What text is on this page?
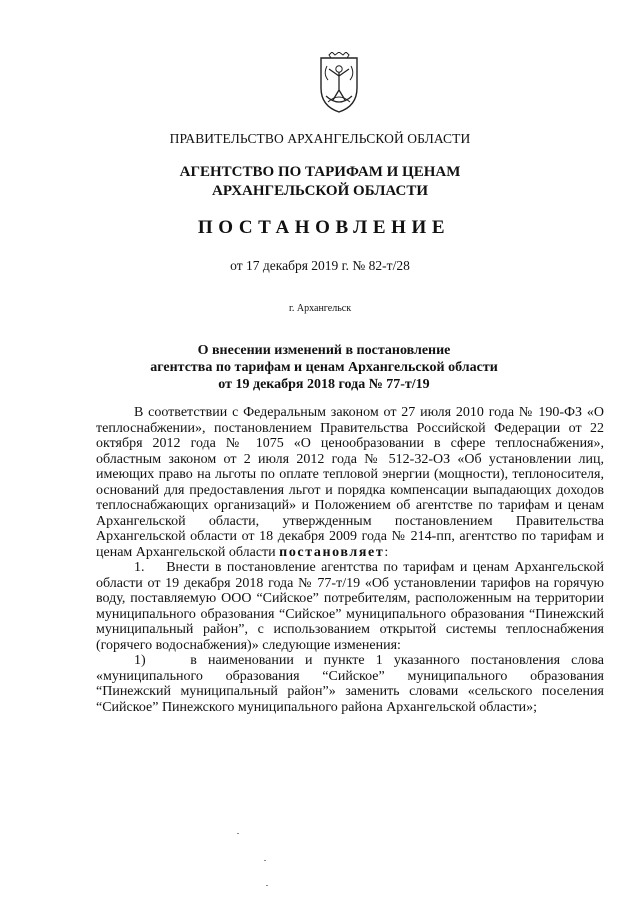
ПРАВИТЕЛЬСТВО АРХАНГЕЛЬСКОЙ ОБЛАСТИ
АГЕНТСТВО ПО ТАРИФАМ И ЦЕНАМ
АРХАНГЕЛЬСКОЙ ОБЛАСТИ
ПОСТАНОВЛЕНИЕ
от 17 декабря 2019 г. № 82-т/28
г. Архангельск
О внесении изменений в постановление
агентства по тарифам и ценам Архангельской области
от 19 декабря 2018 года № 77-т/19

В соответствии с Федеральным законом от 27 июля 2010 года № 190-ФЗ «О теплоснабжении», постановлением Правительства Российской Федерации от 22 октября 2012 года № 1075 «О ценообразовании в сфере теплоснабжения», областным законом от 2 июля 2012 года № 512-32-ОЗ «Об установлении лиц, имеющих право на льготы по оплате тепловой энергии (мощности), теплоносителя, оснований для предоставления льгот и порядка компенсации выпадающих доходов теплоснабжающих организаций» и Положением об агентстве по тарифам и ценам Архангельской области, утвержденным постановлением Правительства Архангельской области от 18 декабря 2009 года № 214-пп, агентство по тарифам и ценам Архангельской области постановляет:

1.    Внести в постановление агентства по тарифам и ценам Архангельской области от 19 декабря 2018 года № 77-т/19 «Об установлении тарифов на горячую воду, поставляемую ООО “Сийское” потребителям, расположенным на территории муниципального образования “Сийское” муниципального образования “Пинежский муниципальный район”, с использованием открытой системы теплоснабжения (горячего водоснабжения)» следующие изменения:

1)    в наименовании и пункте 1 указанного постановления слова «муниципального образования “Сийское” муниципального образования “Пинежский муниципальный район”» заменить словами «сельского поселения “Сийское” Пинежского муниципального района Архангельской области»;
